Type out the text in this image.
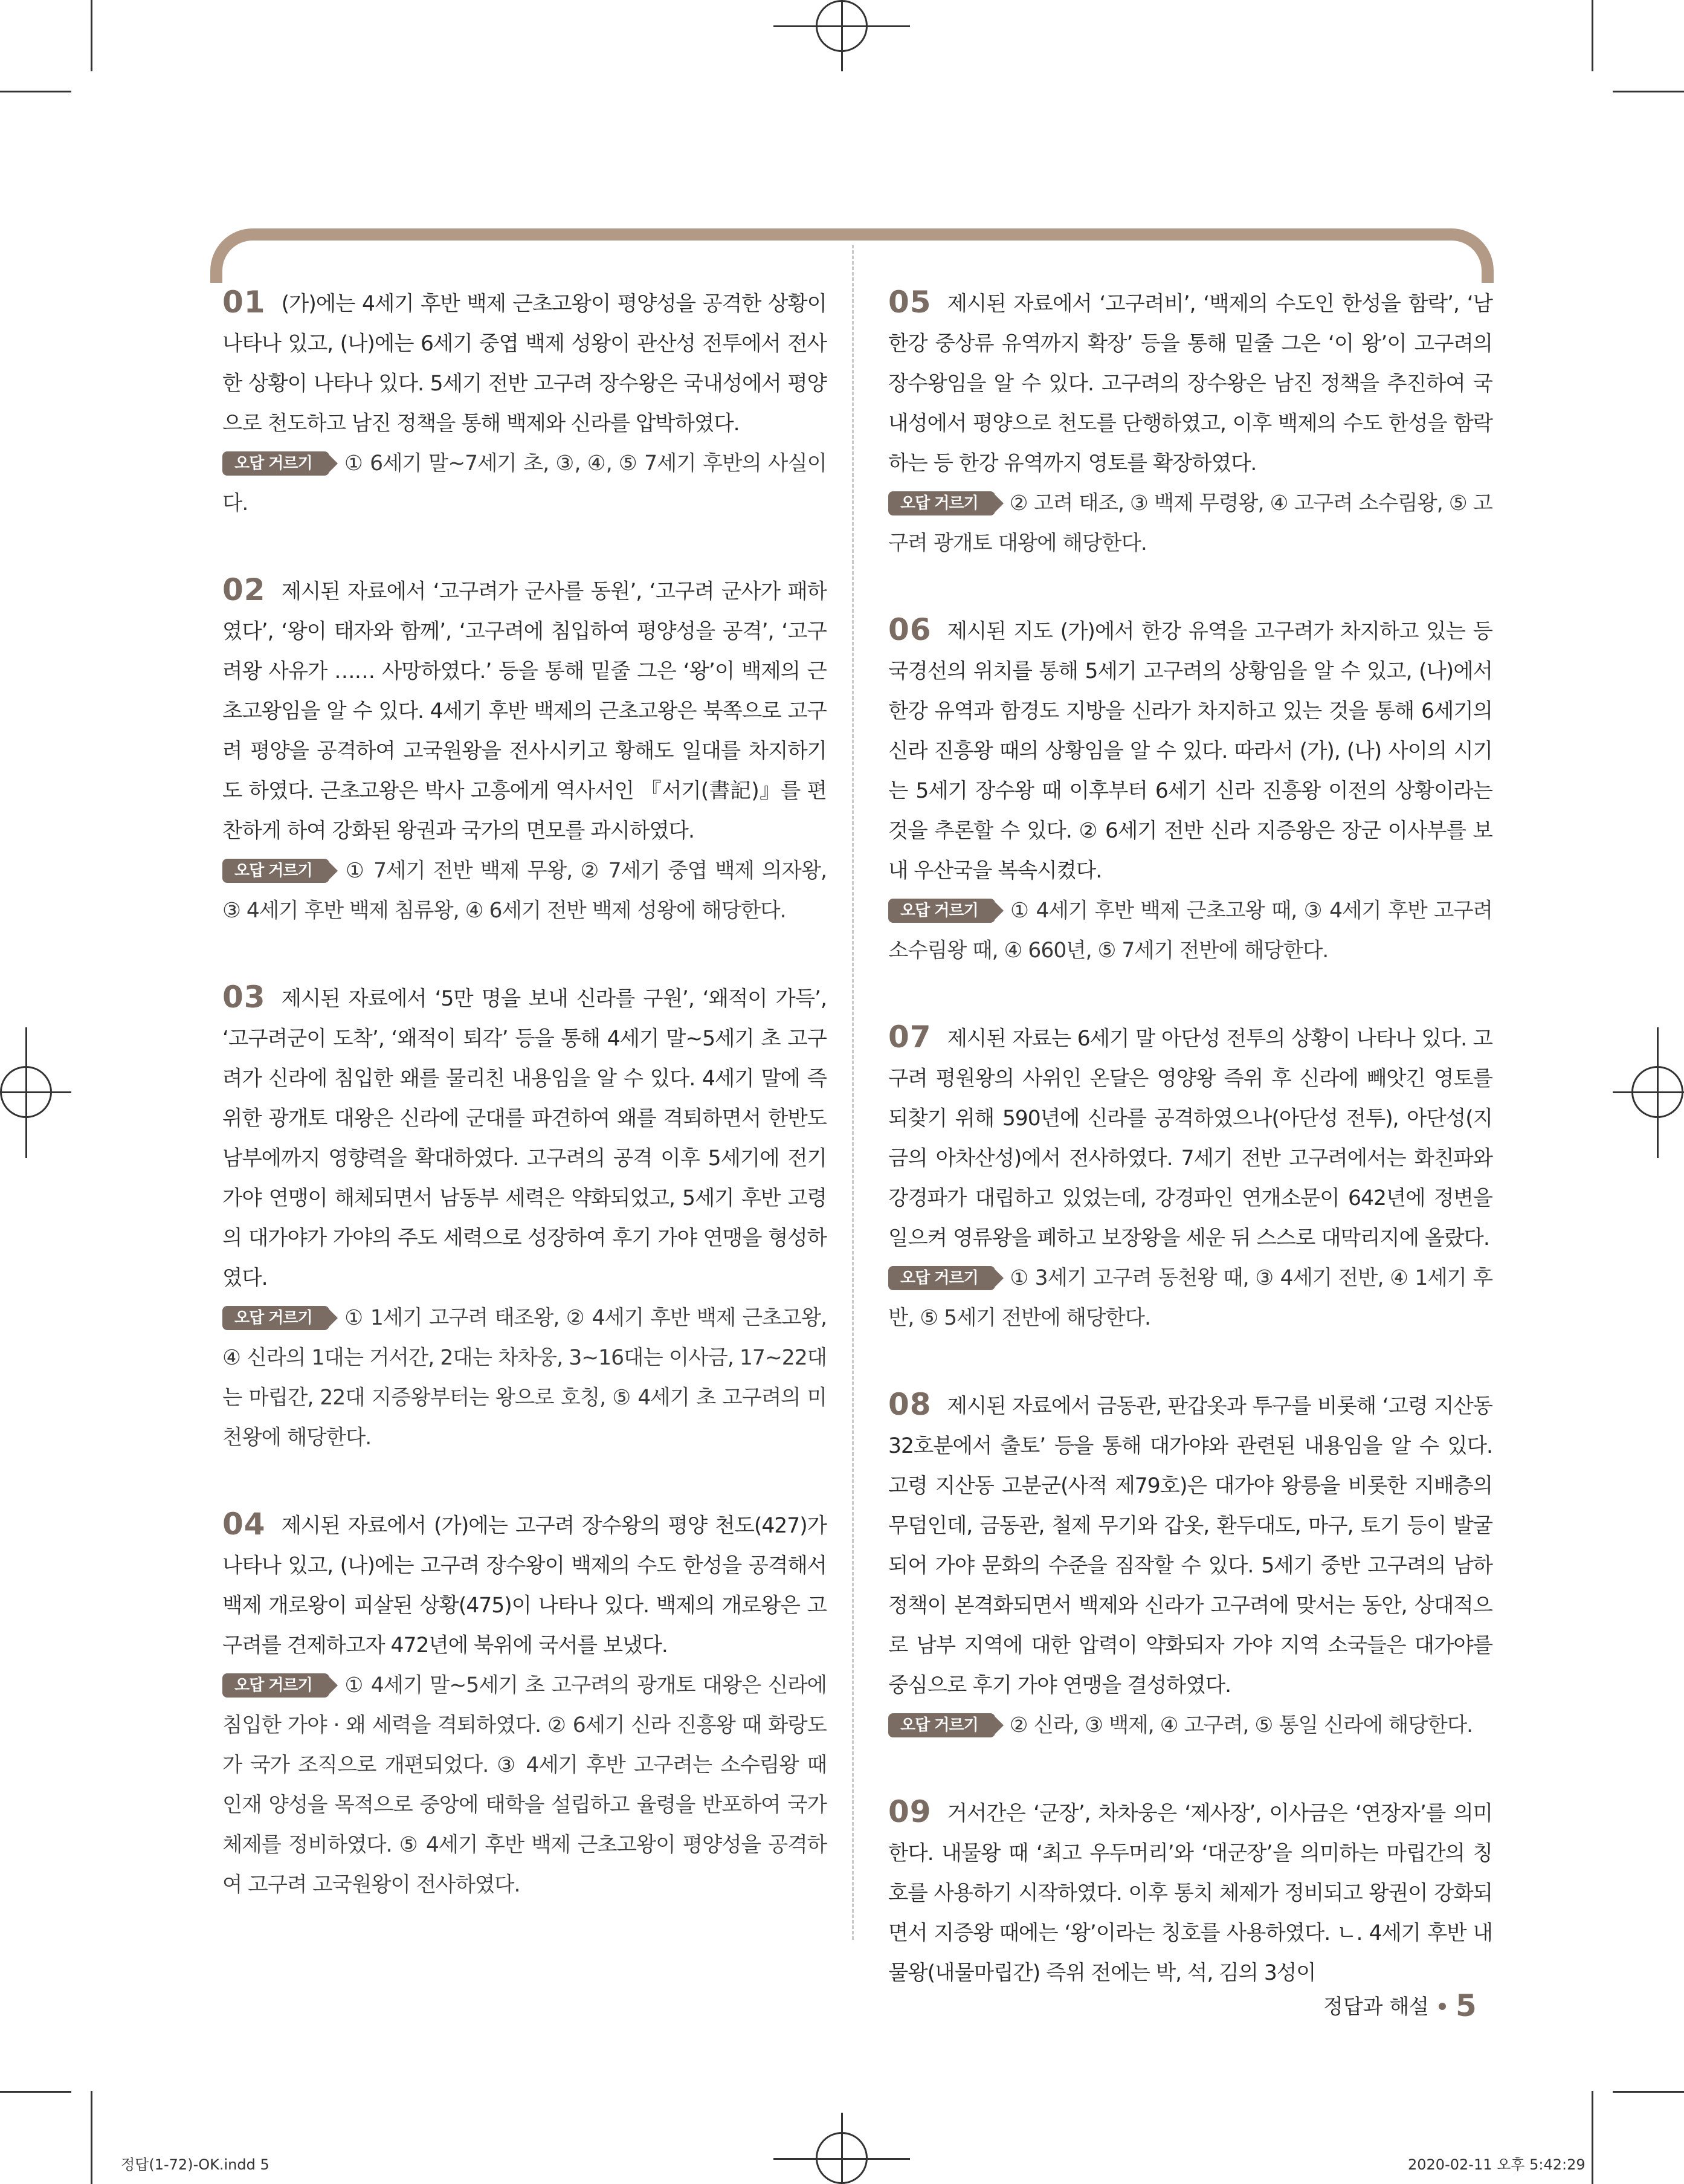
01 (가)에는 4세기 후반 백제 근초고왕이 평양성을 공격한 상황이 나타나 있고, (나)에는 6세기 중엽 백제 성왕이 관산성 전투에서 전사한 상황이 나타나 있다. 5세기 전반 고구려 장수왕은 국내성에서 평양으로 천도하고 남진 정책을 통해 백제와 신라를 압박하였다.

오답 거르기 ① 6세기 말~7세기 초, ③, ④, ⑤ 7세기 후반의 사실이다.

02 제시된 자료에서 ‘고구려가 군사를 동원’, ‘고구려 군사가 패하였다’, ‘왕이 태자와 함께’, ‘고구려에 침입하여 평양성을 공격’, ‘고구려왕 사유가 …… 사망하였다.’ 등을 통해 밑줄 그은 ‘왕’이 백제의 근초고왕임을 알 수 있다. 4세기 후반 백제의 근초고왕은 북쪽으로 고구려 평양을 공격하여 고국원왕을 전사시키고 황해도 일대를 차지하기도 하였다. 근초고왕은 박사 고흥에게 역사서인 『서기(書記)』를 편찬하게 하여 강화된 왕권과 국가의 면모를 과시하였다.

오답 거르기 ① 7세기 전반 백제 무왕, ② 7세기 중엽 백제 의자왕, ③ 4세기 후반 백제 침류왕, ④ 6세기 전반 백제 성왕에 해당한다.

03 제시된 자료에서 ‘5만 명을 보내 신라를 구원’, ‘왜적이 가득’, ‘고구려군이 도착’, ‘왜적이 퇴각’ 등을 통해 4세기 말~5세기 초 고구려가 신라에 침입한 왜를 물리친 내용임을 알 수 있다. 4세기 말에 즉위한 광개토 대왕은 신라에 군대를 파견하여 왜를 격퇴하면서 한반도 남부에까지 영향력을 확대하였다. 고구려의 공격 이후 5세기에 전기 가야 연맹이 해체되면서 남동부 세력은 약화되었고, 5세기 후반 고령의 대가야가 가야의 주도 세력으로 성장하여 후기 가야 연맹을 형성하였다.

오답 거르기 ① 1세기 고구려 태조왕, ② 4세기 후반 백제 근초고왕, ④ 신라의 1대는 거서간, 2대는 차차웅, 3~16대는 이사금, 17~22대는 마립간, 22대 지증왕부터는 왕으로 호칭, ⑤ 4세기 초 고구려의 미천왕에 해당한다.

04 제시된 자료에서 (가)에는 고구려 장수왕의 평양 천도(427)가 나타나 있고, (나)에는 고구려 장수왕이 백제의 수도 한성을 공격해서 백제 개로왕이 피살된 상황(475)이 나타나 있다. 백제의 개로왕은 고구려를 견제하고자 472년에 북위에 국서를 보냈다.

오답 거르기 ① 4세기 말~5세기 초 고구려의 광개토 대왕은 신라에 침입한 가야 · 왜 세력을 격퇴하였다. ② 6세기 신라 진흥왕 때 화랑도가 국가 조직으로 개편되었다. ③ 4세기 후반 고구려는 소수림왕 때 인재 양성을 목적으로 중앙에 태학을 설립하고 율령을 반포하여 국가 체제를 정비하였다. ⑤ 4세기 후반 백제 근초고왕이 평양성을 공격하여 고구려 고국원왕이 전사하였다.

05 제시된 자료에서 ‘고구려비’, ‘백제의 수도인 한성을 함락’, ‘남한강 중상류 유역까지 확장’ 등을 통해 밑줄 그은 ‘이 왕’이 고구려의 장수왕임을 알 수 있다. 고구려의 장수왕은 남진 정책을 추진하여 국내성에서 평양으로 천도를 단행하였고, 이후 백제의 수도 한성을 함락하는 등 한강 유역까지 영토를 확장하였다.

오답 거르기 ② 고려 태조, ③ 백제 무령왕, ④ 고구려 소수림왕, ⑤ 고구려 광개토 대왕에 해당한다.

06 제시된 지도 (가)에서 한강 유역을 고구려가 차지하고 있는 등 국경선의 위치를 통해 5세기 고구려의 상황임을 알 수 있고, (나)에서 한강 유역과 함경도 지방을 신라가 차지하고 있는 것을 통해 6세기의 신라 진흥왕 때의 상황임을 알 수 있다. 따라서 (가), (나) 사이의 시기는 5세기 장수왕 때 이후부터 6세기 신라 진흥왕 이전의 상황이라는 것을 추론할 수 있다. ② 6세기 전반 신라 지증왕은 장군 이사부를 보내 우산국을 복속시켰다.

오답 거르기 ① 4세기 후반 백제 근초고왕 때, ③ 4세기 후반 고구려 소수림왕 때, ④ 660년, ⑤ 7세기 전반에 해당한다.

07 제시된 자료는 6세기 말 아단성 전투의 상황이 나타나 있다. 고구려 평원왕의 사위인 온달은 영양왕 즉위 후 신라에 빼앗긴 영토를 되찾기 위해 590년에 신라를 공격하였으나(아단성 전투), 아단성(지금의 아차산성)에서 전사하였다. 7세기 전반 고구려에서는 화친파와 강경파가 대립하고 있었는데, 강경파인 연개소문이 642년에 정변을 일으켜 영류왕을 폐하고 보장왕을 세운 뒤 스스로 대막리지에 올랐다.

오답 거르기 ① 3세기 고구려 동천왕 때, ③ 4세기 전반, ④ 1세기 후반, ⑤ 5세기 전반에 해당한다.

08 제시된 자료에서 금동관, 판갑옷과 투구를 비롯해 ‘고령 지산동 32호분에서 출토’ 등을 통해 대가야와 관련된 내용임을 알 수 있다. 고령 지산동 고분군(사적 제79호)은 대가야 왕릉을 비롯한 지배층의 무덤인데, 금동관, 철제 무기와 갑옷, 환두대도, 마구, 토기 등이 발굴되어 가야 문화의 수준을 짐작할 수 있다. 5세기 중반 고구려의 남하 정책이 본격화되면서 백제와 신라가 고구려에 맞서는 동안, 상대적으로 남부 지역에 대한 압력이 약화되자 가야 지역 소국들은 대가야를 중심으로 후기 가야 연맹을 결성하였다.

오답 거르기 ② 신라, ③ 백제, ④ 고구려, ⑤ 통일 신라에 해당한다.

09 거서간은 ‘군장’, 차차웅은 ‘제사장’, 이사금은 ‘연장자’를 의미한다. 내물왕 때 ‘최고 우두머리’와 ‘대군장’을 의미하는 마립간의 칭호를 사용하기 시작하였다. 이후 통치 체제가 정비되고 왕권이 강화되면서 지증왕 때에는 ‘왕’이라는 칭호를 사용하였다. ㄴ. 4세기 후반 내물왕(내물마립간) 즉위 전에는 박, 석, 김의 3성이

정답과 해설 5
정답(1-72)-OK.indd 5	2020-02-11 오후 5:42:29
